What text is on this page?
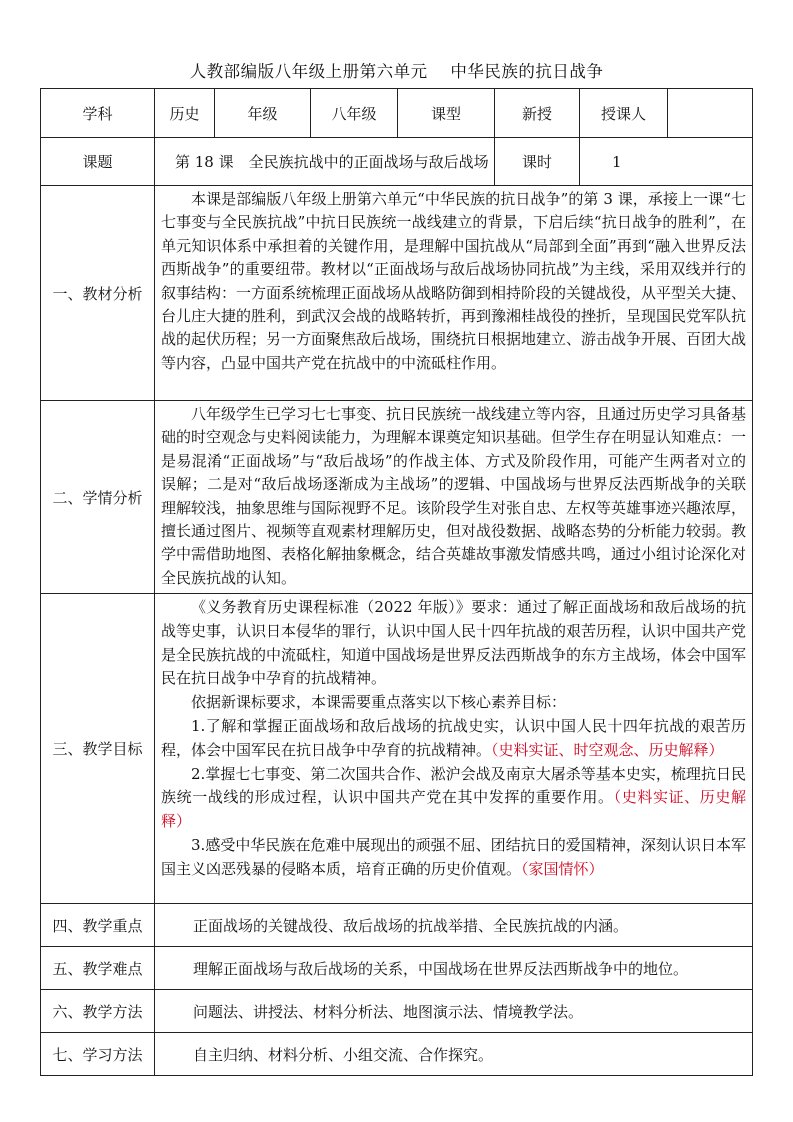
人教部编版八年级上册第六单元　 中华民族的抗日战争
学科	历史	年级	八年级	课型	新授	授课人	
课题	第 18 课　全民族抗战中的正面战场与敌后战场				课时	1	
一、教材分析	本课是部编版八年级上册第六单元“中华民族的抗日战争”的第 3 课，承接上一课“七七事变与全民族抗战”中抗日民族统一战线建立的背景，下启后续“抗日战争的胜利”，在单元知识体系中承担着的关键作用，是理解中国抗战从“局部到全面”再到“融入世界反法西斯战争”的重要纽带。教材以“正面战场与敌后战场协同抗战”为主线，采用双线并行的叙事结构：一方面系统梳理正面战场从战略防御到相持阶段的关键战役，从平型关大捷、台儿庄大捷的胜利，到武汉会战的战略转折，再到豫湘桂战役的挫折，呈现国民党军队抗战的起伏历程；另一方面聚焦敌后战场，围绕抗日根据地建立、游击战争开展、百团大战等内容，凸显中国共产党在抗战中的中流砥柱作用。						

二、学情分析	八年级学生已学习七七事变、抗日民族统一战线建立等内容，且通过历史学习具备基础的时空观念与史料阅读能力，为理解本课奠定知识基础。但学生存在明显认知难点：一是易混淆“正面战场”与“敌后战场”的作战主体、方式及阶段作用，可能产生两者对立的误解；二是对“敌后战场逐渐成为主战场”的逻辑、中国战场与世界反法西斯战争的关联理解较浅，抽象思维与国际视野不足。该阶段学生对张自忠、左权等英雄事迹兴趣浓厚，擅长通过图片、视频等直观素材理解历史，但对战役数据、战略态势的分析能力较弱。教学中需借助地图、表格化解抽象概念，结合英雄故事激发情感共鸣，通过小组讨论深化对全民族抗战的认知。						

三、教学目标	《义务教育历史课程标准（2022 年版）》要求：通过了解正面战场和敌后战场的抗战等史事，认识日本侵华的罪行，认识中国人民十四年抗战的艰苦历程，认识中国共产党是全民族抗战的中流砥柱，知道中国战场是世界反法西斯战争的东方主战场，体会中国军民在抗日战争中孕育的抗战精神。

依据新课标要求，本课需要重点落实以下核心素养目标：

1.了解和掌握正面战场和敌后战场的抗战史实，认识中国人民十四年抗战的艰苦历程，体会中国军民在抗日战争中孕育的抗战精神。（史料实证、时空观念、历史解释）

2.掌握七七事变、第二次国共合作、淞沪会战及南京大屠杀等基本史实，梳理抗日民族统一战线的形成过程，认识中国共产党在其中发挥的重要作用。（史料实证、历史解释）

3.感受中华民族在危难中展现出的顽强不屈、团结抗日的爱国精神，深刻认识日本军国主义凶恶残暴的侵略本质，培育正确的历史价值观。（家国情怀）						

四、教学重点	正面战场的关键战役、敌后战场的抗战举措、全民族抗战的内涵。						
五、教学难点	理解正面战场与敌后战场的关系，中国战场在世界反法西斯战争中的地位。						
六、教学方法	问题法、讲授法、材料分析法、地图演示法、情境教学法。						
七、学习方法	自主归纳、材料分析、小组交流、合作探究。						
